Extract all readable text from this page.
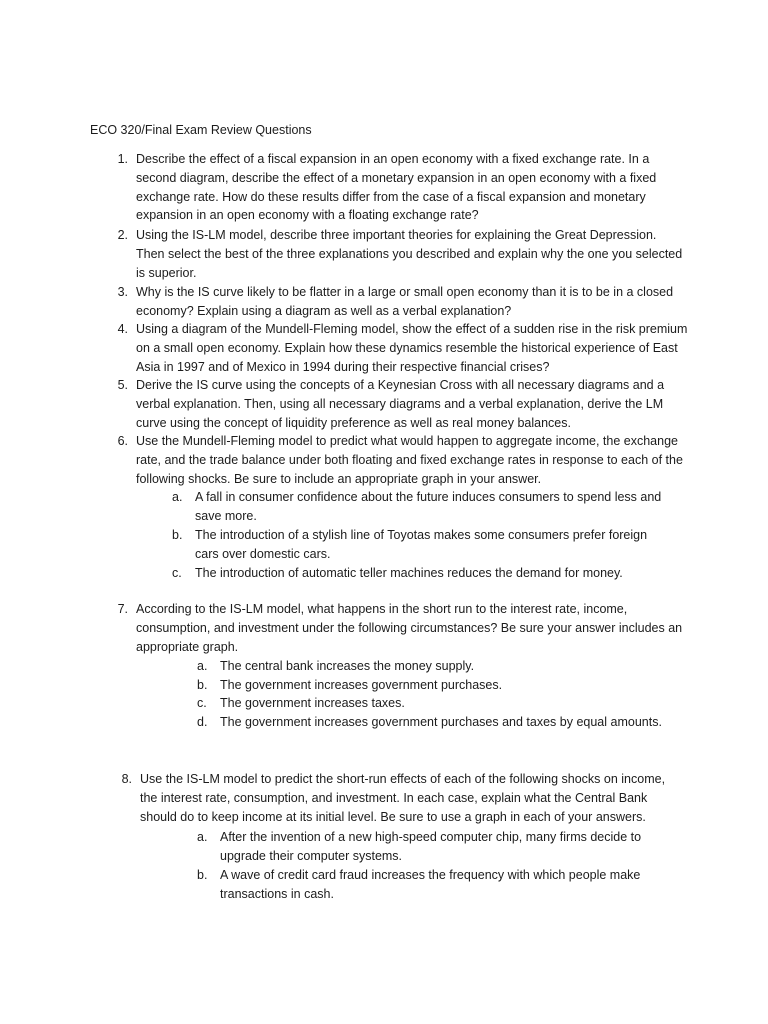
ECO 320/Final Exam Review Questions
1. Describe the effect of a fiscal expansion in an open economy with a fixed exchange rate. In a second diagram, describe the effect of a monetary expansion in an open economy with a fixed exchange rate. How do these results differ from the case of a fiscal expansion and monetary expansion in an open economy with a floating exchange rate?
2. Using the IS-LM model, describe three important theories for explaining the Great Depression. Then select the best of the three explanations you described and explain why the one you selected is superior.
3. Why is the IS curve likely to be flatter in a large or small open economy than it is to be in a closed economy? Explain using a diagram as well as a verbal explanation?
4. Using a diagram of the Mundell-Fleming model, show the effect of a sudden rise in the risk premium on a small open economy. Explain how these dynamics resemble the historical experience of East Asia in 1997 and of Mexico in 1994 during their respective financial crises?
5. Derive the IS curve using the concepts of a Keynesian Cross with all necessary diagrams and a verbal explanation. Then, using all necessary diagrams and a verbal explanation, derive the LM curve using the concept of liquidity preference as well as real money balances.
6. Use the Mundell-Fleming model to predict what would happen to aggregate income, the exchange rate, and the trade balance under both floating and fixed exchange rates in response to each of the following shocks. Be sure to include an appropriate graph in your answer.
a.	A fall in consumer confidence about the future induces consumers to spend less and save more.
b.	The introduction of a stylish line of Toyotas makes some consumers prefer foreign cars over domestic cars.
c.	The introduction of automatic teller machines reduces the demand for money.
7. According to the IS-LM model, what happens in the short run to the interest rate, income, consumption, and investment under the following circumstances? Be sure your answer includes an appropriate graph.
a.	The central bank increases the money supply.
b.	The government increases government purchases.
c.	The government increases taxes.
d.	The government increases government purchases and taxes by equal amounts.
8. Use the IS-LM model to predict the short-run effects of each of the following shocks on income, the interest rate, consumption, and investment. In each case, explain what the Central Bank should do to keep income at its initial level. Be sure to use a graph in each of your answers.
a.	After the invention of a new high-speed computer chip, many firms decide to upgrade their computer systems.
b.	A wave of credit card fraud increases the frequency with which people make transactions in cash.
